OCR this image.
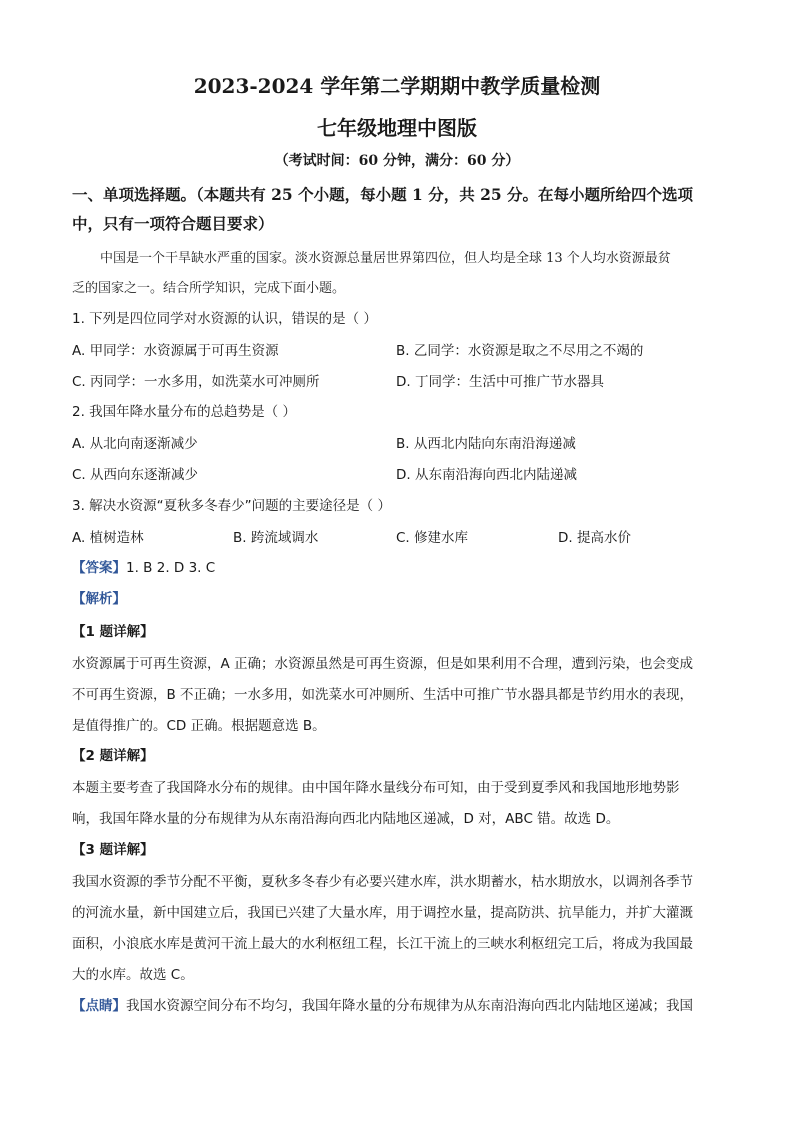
2023-2024 学年第二学期期中教学质量检测
七年级地理中图版
（考试时间：60 分钟，满分：60 分）
一、单项选择题。（本题共有 25 个小题，每小题 1 分，共 25 分。在每小题所给四个选项
中，只有一项符合题目要求）
中国是一个干旱缺水严重的国家。淡水资源总量居世界第四位，但人均是全球 13 个人均水资源最贫
乏的国家之一。结合所学知识，完成下面小题。
1. 下列是四位同学对水资源的认识，错误的是（ ）
A. 甲同学：水资源属于可再生资源	B. 乙同学：水资源是取之不尽用之不竭的
C. 丙同学：一水多用，如洗菜水可冲厕所	D. 丁同学：生活中可推广节水器具
2. 我国年降水量分布的总趋势是（ ）
A. 从北向南逐渐减少	B. 从西北内陆向东南沿海递减
C. 从西向东逐渐减少	D. 从东南沿海向西北内陆递减
3. 解决水资源“夏秋多冬春少”问题的主要途径是（ ）
A. 植树造林	B. 跨流域调水	C. 修建水库	D. 提高水价
【答案】1. B 2. D 3. C
【解析】
【1 题详解】
水资源属于可再生资源，A 正确；水资源虽然是可再生资源，但是如果利用不合理，遭到污染，也会变成
不可再生资源，B 不正确；一水多用，如洗菜水可冲厕所、生活中可推广节水器具都是节约用水的表现，
是值得推广的。CD 正确。根据题意选 B。
【2 题详解】
本题主要考查了我国降水分布的规律。由中国年降水量线分布可知，由于受到夏季风和我国地形地势影
响，我国年降水量的分布规律为从东南沿海向西北内陆地区递减，D 对，ABC 错。故选 D。
【3 题详解】
我国水资源的季节分配不平衡，夏秋多冬春少有必要兴建水库，洪水期蓄水，枯水期放水，以调剂各季节
的河流水量，新中国建立后，我国已兴建了大量水库，用于调控水量，提高防洪、抗旱能力，并扩大灌溉
面积，小浪底水库是黄河干流上最大的水利枢纽工程，长江干流上的三峡水利枢纽完工后，将成为我国最
大的水库。故选 C。
【点睛】我国水资源空间分布不均匀，我国年降水量的分布规律为从东南沿海向西北内陆地区递减；我国
